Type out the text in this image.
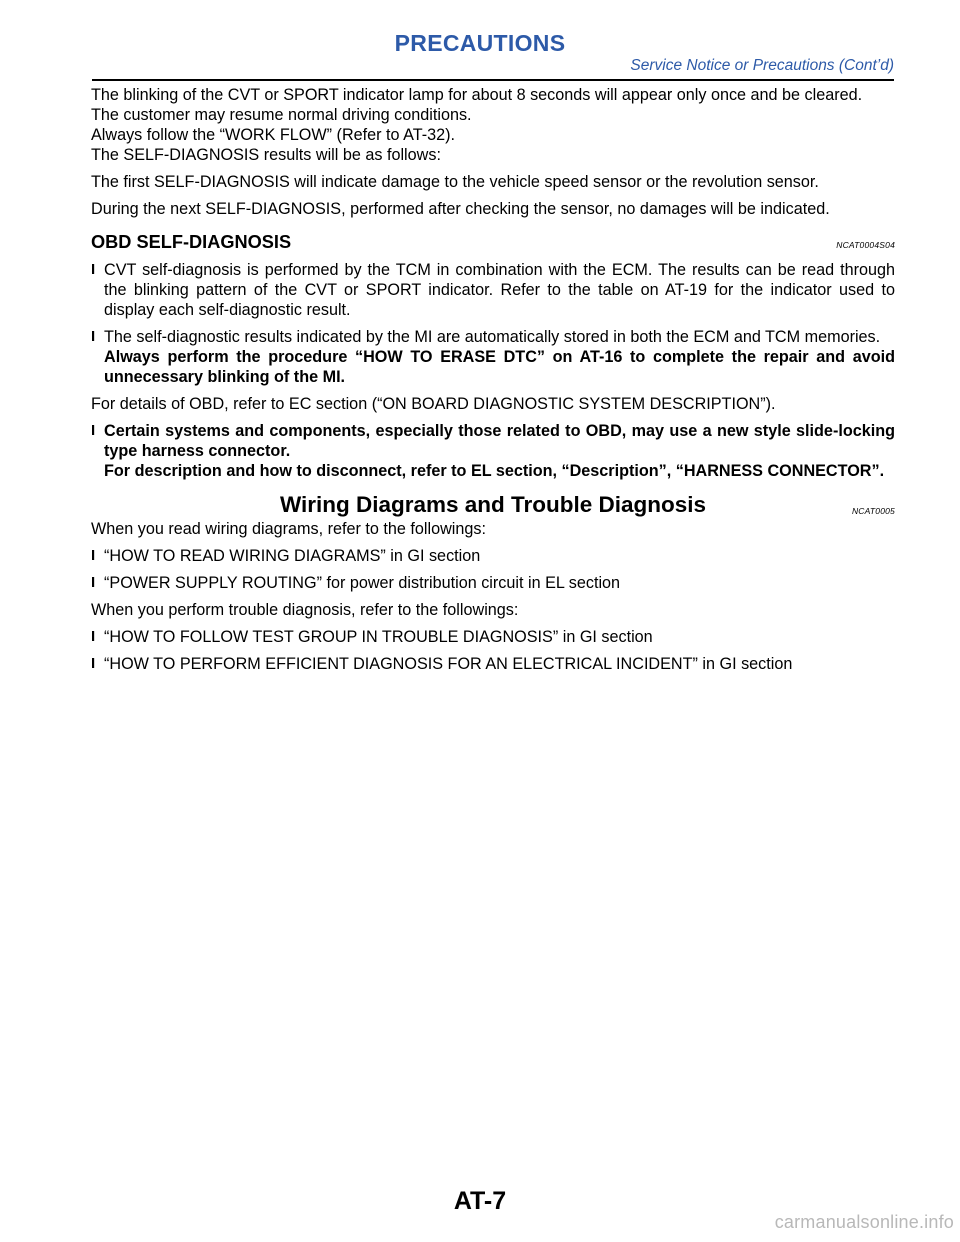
PRECAUTIONS
Service Notice or Precautions (Cont’d)

The blinking of the CVT or SPORT indicator lamp for about 8 seconds will appear only once and be cleared.

The customer may resume normal driving conditions.

Always follow the “WORK FLOW” (Refer to AT-32).

The SELF-DIAGNOSIS results will be as follows:

The first SELF-DIAGNOSIS will indicate damage to the vehicle speed sensor or the revolution sensor.

During the next SELF-DIAGNOSIS, performed after checking the sensor, no damages will be indicated.

OBD SELF-DIAGNOSIS	NCAT0004S04
I CVT self-diagnosis is performed by the TCM in combination with the ECM. The results can be read through the blinking pattern of the CVT or SPORT indicator. Refer to the table on AT-19 for the indicator used to display each self-diagnostic result.
I The self-diagnostic results indicated by the MI are automatically stored in both the ECM and TCM memories.
Always perform the procedure “HOW TO ERASE DTC” on AT-16 to complete the repair and avoid unnecessary blinking of the MI.

For details of OBD, refer to EC section (“ON BOARD DIAGNOSTIC SYSTEM DESCRIPTION”).

I Certain systems and components, especially those related to OBD, may use a new style slide-locking type harness connector.
For description and how to disconnect, refer to EL section, “Description”, “HARNESS CONNECTOR”.
Wiring Diagrams and Trouble Diagnosis	NCAT0005

When you read wiring diagrams, refer to the followings:

I “HOW TO READ WIRING DIAGRAMS” in GI section
I “POWER SUPPLY ROUTING” for power distribution circuit in EL section

When you perform trouble diagnosis, refer to the followings:

I “HOW TO FOLLOW TEST GROUP IN TROUBLE DIAGNOSIS” in GI section
I “HOW TO PERFORM EFFICIENT DIAGNOSIS FOR AN ELECTRICAL INCIDENT” in GI section
AT-7
carmanualsonline.info
